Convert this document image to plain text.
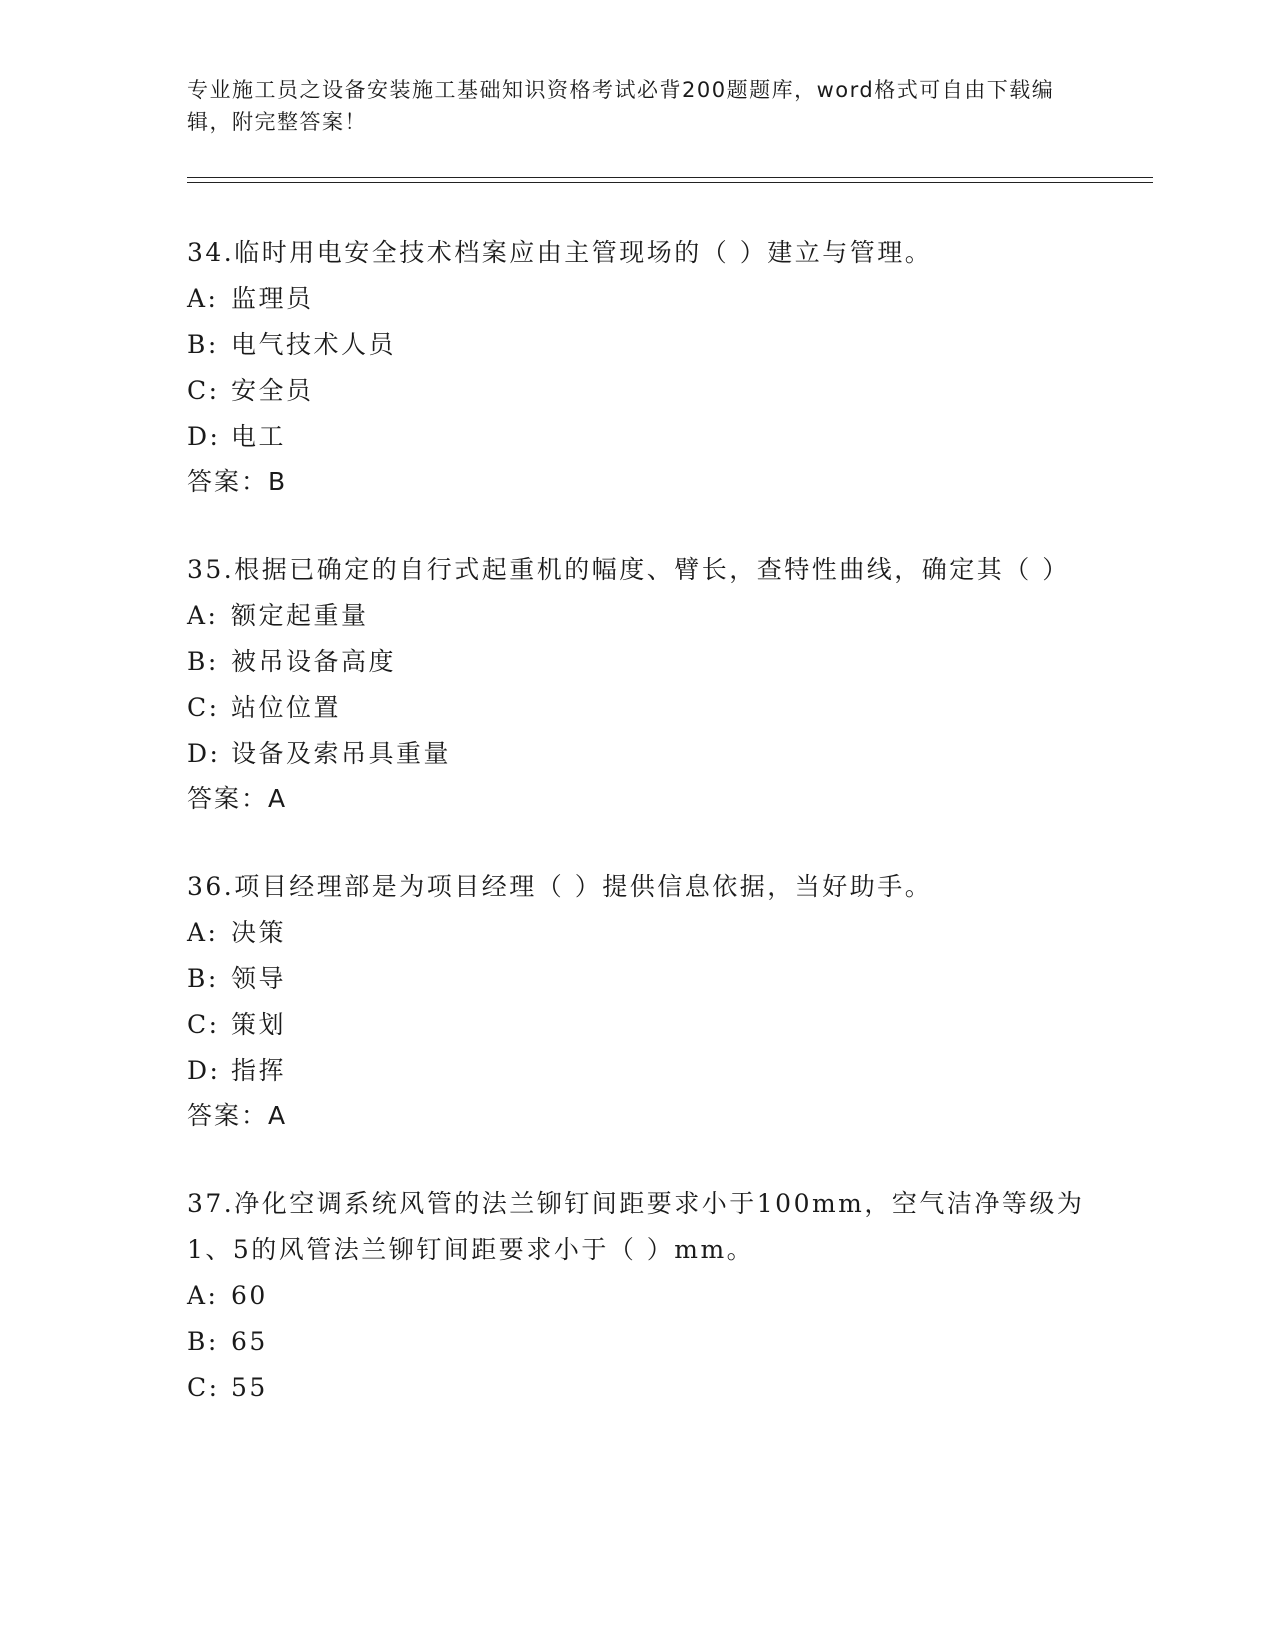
专业施工员之设备安装施工基础知识资格考试必背200题题库，word格式可自由下载编辑，附完整答案！

34.临时用电安全技术档案应由主管现场的（ ）建立与管理。

A: 监理员
B: 电气技术人员
C: 安全员
D: 电工

答案：B

35.根据已确定的自行式起重机的幅度、臂长，查特性曲线，确定其（ ）

A: 额定起重量
B: 被吊设备高度
C: 站位位置
D: 设备及索吊具重量

答案：A

36.项目经理部是为项目经理（ ）提供信息依据，当好助手。

A: 决策
B: 领导
C: 策划
D: 指挥

答案：A

37.净化空调系统风管的法兰铆钉间距要求小于100mm，空气洁净等级为1、5的风管法兰铆钉间距要求小于（ ）mm。

A: 60
B: 65
C: 55
